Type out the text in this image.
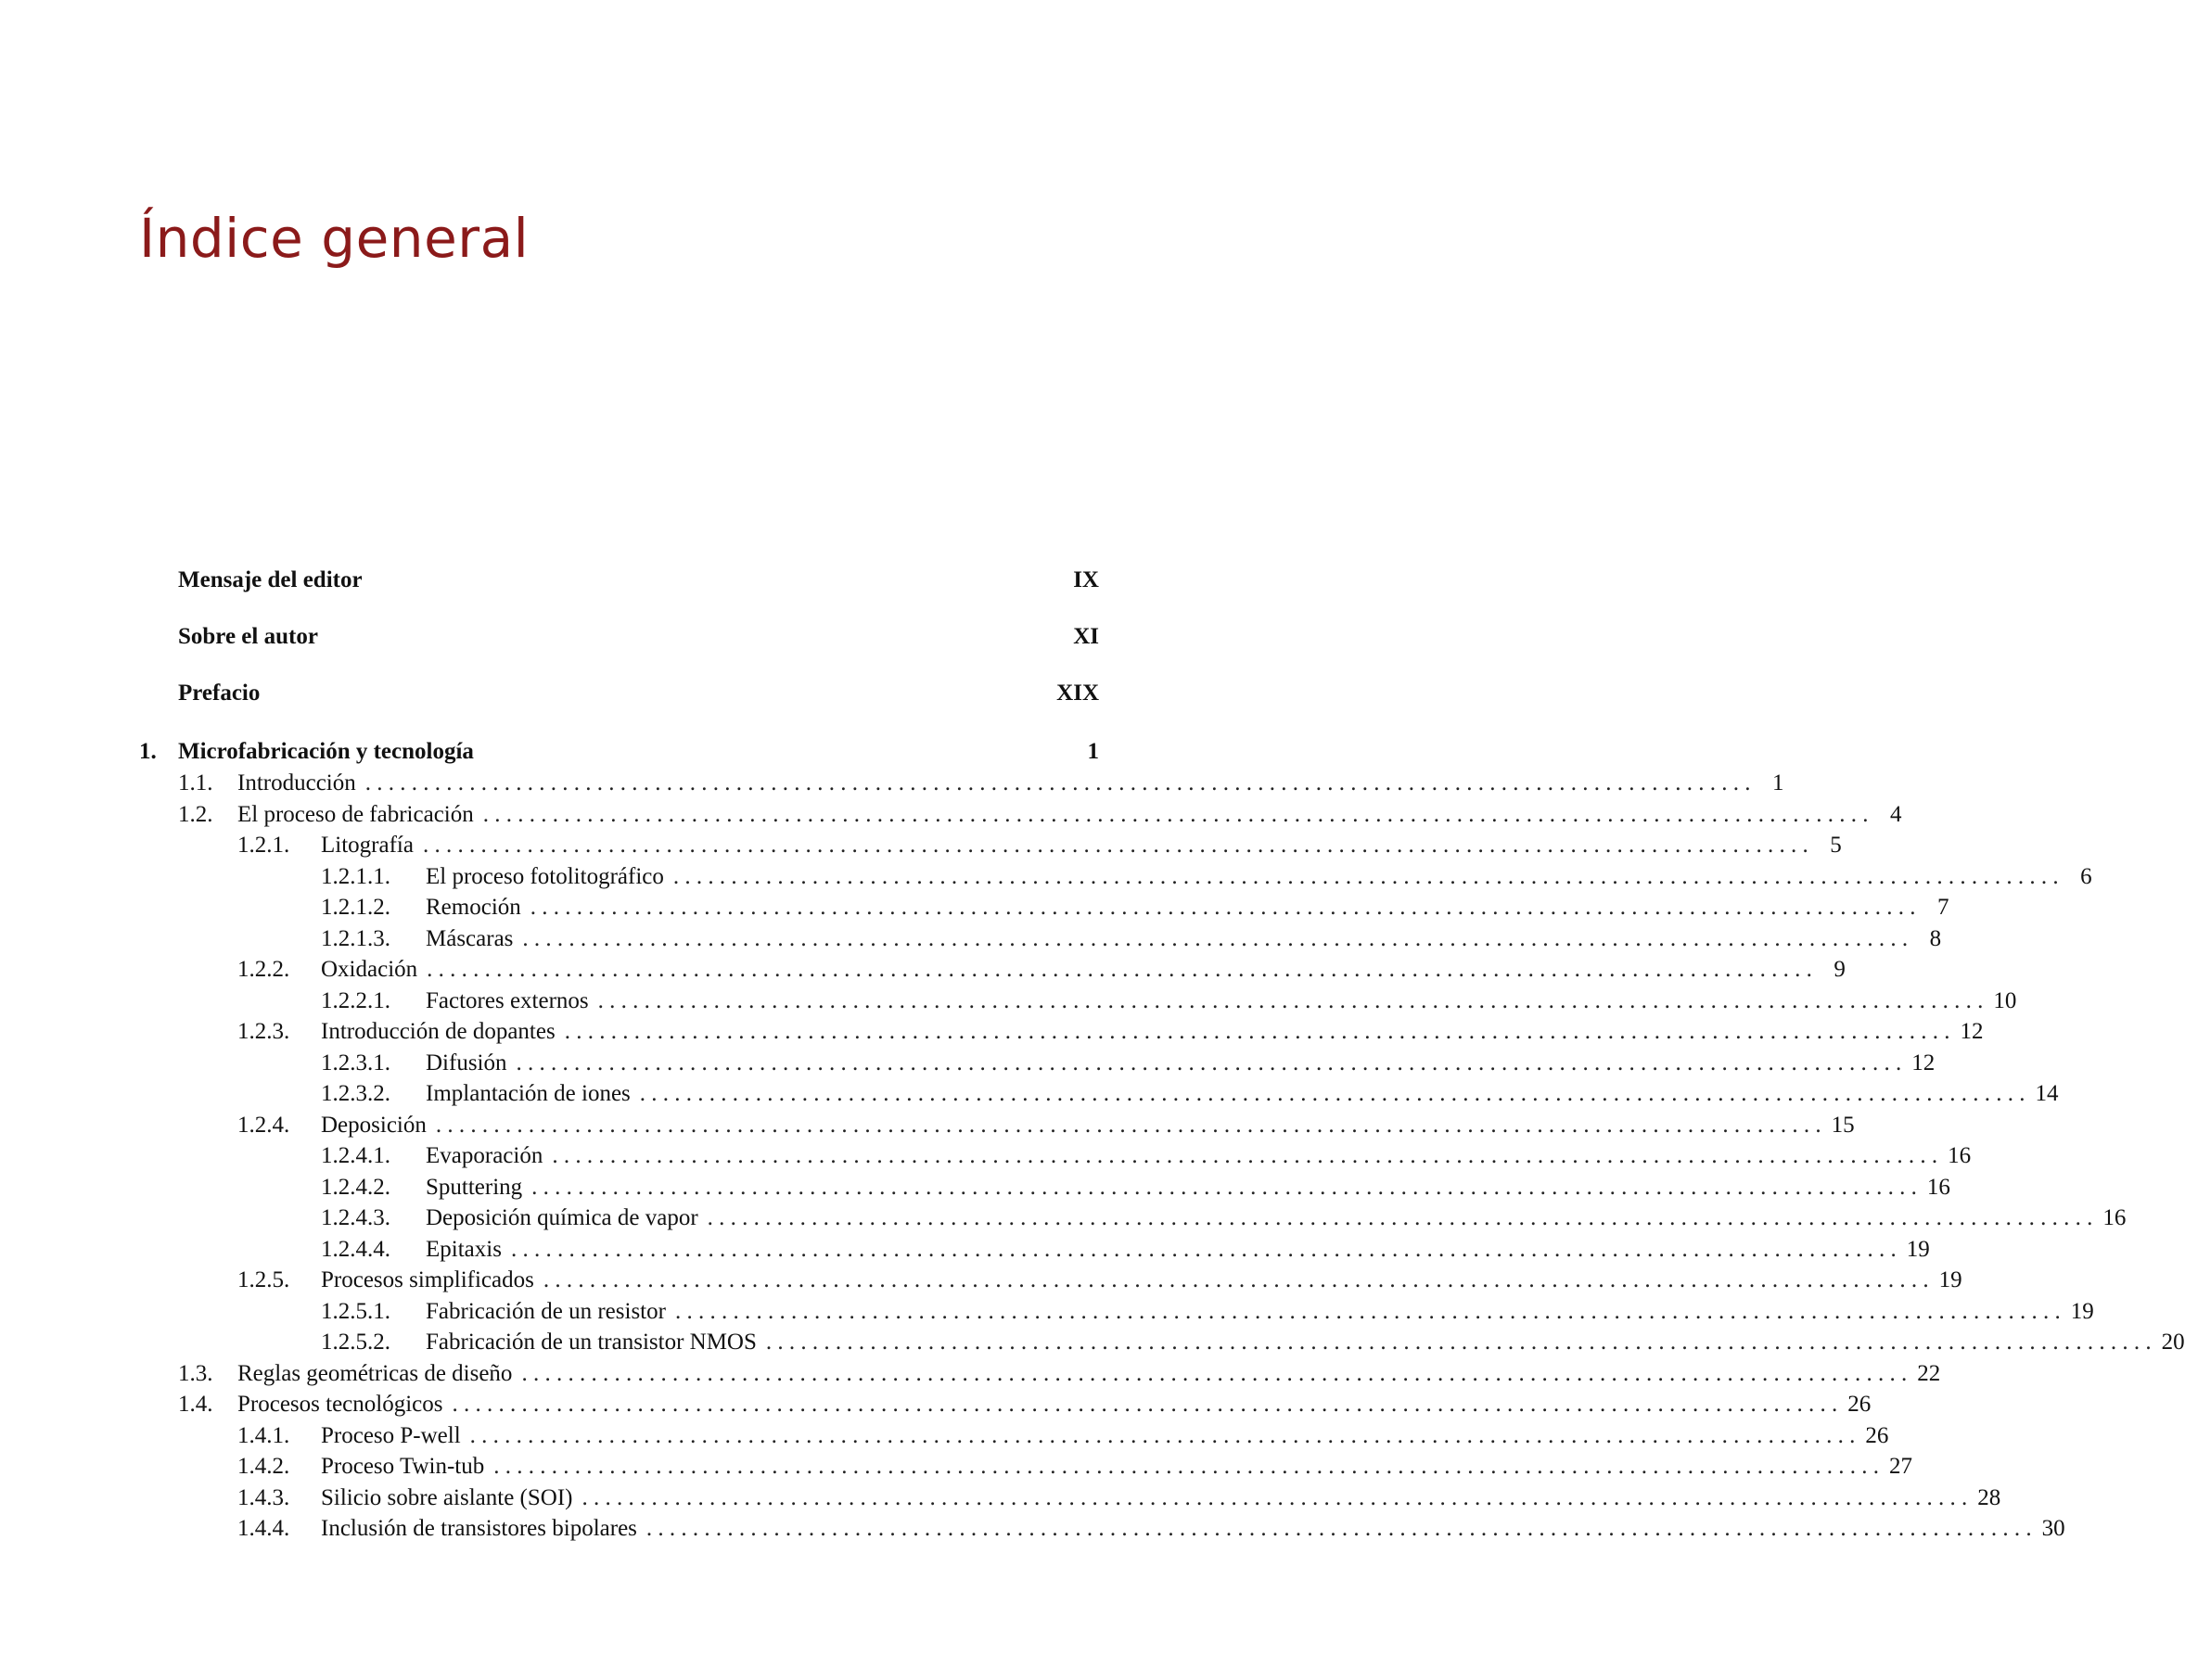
Índice general
Mensaje del editor	IX
Sobre el autor	XI
Prefacio	XIX
1. Microfabricación y tecnología	1
1.1.	Introducción . . . . . . . . . . . . . . . . . . . . . . . . . . . . . . . . . . . . . . . . . . . . . . . . . . . . . . . . . . . . . . . . . . . . . . . . . . . . . . . . . . . . . . . . . . . . . . . . . . . . . . . . . . . . . . . . . . . . . . . . 1
1.2.	El proceso de fabricación . . . . . . . . . . . . . . . . . . . . . . . . . . . . . . . . . . . . . . . . . . . . . . . . . . . . . . . . . . . . . . . . . . . . . . . . . . . . . . . . . . . . . . . . . . . . . . . . . . . . . . . . . . . . . . . . . . . . . . . . 4
1.2.1.	Litografía . . . . . . . . . . . . . . . . . . . . . . . . . . . . . . . . . . . . . . . . . . . . . . . . . . . . . . . . . . . . . . . . . . . . . . . . . . . . . . . . . . . . . . . . . . . . . . . . . . . . . . . . . . . . . . . . . . . . . . . . 5
1.2.1.1.	El proceso fotolitográfico . . . . . . . . . . . . . . . . . . . . . . . . . . . . . . . . . . . . . . . . . . . . . . . . . . . . . . . . . . . . . . . . . . . . . . . . . . . . . . . . . . . . . . . . . . . . . . . . . . . . . . . . . . . . . . . . . . . . . . . . 6
1.2.1.2.	Remoción . . . . . . . . . . . . . . . . . . . . . . . . . . . . . . . . . . . . . . . . . . . . . . . . . . . . . . . . . . . . . . . . . . . . . . . . . . . . . . . . . . . . . . . . . . . . . . . . . . . . . . . . . . . . . . . . . . . . . . . . 7
1.2.1.3.	Máscaras . . . . . . . . . . . . . . . . . . . . . . . . . . . . . . . . . . . . . . . . . . . . . . . . . . . . . . . . . . . . . . . . . . . . . . . . . . . . . . . . . . . . . . . . . . . . . . . . . . . . . . . . . . . . . . . . . . . . . . . . 8
1.2.2.	Oxidación . . . . . . . . . . . . . . . . . . . . . . . . . . . . . . . . . . . . . . . . . . . . . . . . . . . . . . . . . . . . . . . . . . . . . . . . . . . . . . . . . . . . . . . . . . . . . . . . . . . . . . . . . . . . . . . . . . . . . . . . 9
1.2.2.1.	Factores externos . . . . . . . . . . . . . . . . . . . . . . . . . . . . . . . . . . . . . . . . . . . . . . . . . . . . . . . . . . . . . . . . . . . . . . . . . . . . . . . . . . . . . . . . . . . . . . . . . . . . . . . . . . . . . . . . . . . . . . . . 10
1.2.3.	Introducción de dopantes . . . . . . . . . . . . . . . . . . . . . . . . . . . . . . . . . . . . . . . . . . . . . . . . . . . . . . . . . . . . . . . . . . . . . . . . . . . . . . . . . . . . . . . . . . . . . . . . . . . . . . . . . . . . . . . . . . . . . . . . 12
1.2.3.1.	Difusión . . . . . . . . . . . . . . . . . . . . . . . . . . . . . . . . . . . . . . . . . . . . . . . . . . . . . . . . . . . . . . . . . . . . . . . . . . . . . . . . . . . . . . . . . . . . . . . . . . . . . . . . . . . . . . . . . . . . . . . . 12
1.2.3.2.	Implantación de iones . . . . . . . . . . . . . . . . . . . . . . . . . . . . . . . . . . . . . . . . . . . . . . . . . . . . . . . . . . . . . . . . . . . . . . . . . . . . . . . . . . . . . . . . . . . . . . . . . . . . . . . . . . . . . . . . . . . . . . . . 14
1.2.4.	Deposición . . . . . . . . . . . . . . . . . . . . . . . . . . . . . . . . . . . . . . . . . . . . . . . . . . . . . . . . . . . . . . . . . . . . . . . . . . . . . . . . . . . . . . . . . . . . . . . . . . . . . . . . . . . . . . . . . . . . . . . . 15
1.2.4.1.	Evaporación . . . . . . . . . . . . . . . . . . . . . . . . . . . . . . . . . . . . . . . . . . . . . . . . . . . . . . . . . . . . . . . . . . . . . . . . . . . . . . . . . . . . . . . . . . . . . . . . . . . . . . . . . . . . . . . . . . . . . . . . 16
1.2.4.2.	Sputtering . . . . . . . . . . . . . . . . . . . . . . . . . . . . . . . . . . . . . . . . . . . . . . . . . . . . . . . . . . . . . . . . . . . . . . . . . . . . . . . . . . . . . . . . . . . . . . . . . . . . . . . . . . . . . . . . . . . . . . . . 16
1.2.4.3.	Deposición química de vapor . . . . . . . . . . . . . . . . . . . . . . . . . . . . . . . . . . . . . . . . . . . . . . . . . . . . . . . . . . . . . . . . . . . . . . . . . . . . . . . . . . . . . . . . . . . . . . . . . . . . . . . . . . . . . . . . . . . . . . . . 16
1.2.4.4.	Epitaxis . . . . . . . . . . . . . . . . . . . . . . . . . . . . . . . . . . . . . . . . . . . . . . . . . . . . . . . . . . . . . . . . . . . . . . . . . . . . . . . . . . . . . . . . . . . . . . . . . . . . . . . . . . . . . . . . . . . . . . . . 19
1.2.5.	Procesos simplificados . . . . . . . . . . . . . . . . . . . . . . . . . . . . . . . . . . . . . . . . . . . . . . . . . . . . . . . . . . . . . . . . . . . . . . . . . . . . . . . . . . . . . . . . . . . . . . . . . . . . . . . . . . . . . . . . . . . . . . . . 19
1.2.5.1.	Fabricación de un resistor . . . . . . . . . . . . . . . . . . . . . . . . . . . . . . . . . . . . . . . . . . . . . . . . . . . . . . . . . . . . . . . . . . . . . . . . . . . . . . . . . . . . . . . . . . . . . . . . . . . . . . . . . . . . . . . . . . . . . . . . 19
1.2.5.2.	Fabricación de un transistor NMOS . . . . . . . . . . . . . . . . . . . . . . . . . . . . . . . . . . . . . . . . . . . . . . . . . . . . . . . . . . . . . . . . . . . . . . . . . . . . . . . . . . . . . . . . . . . . . . . . . . . . . . . . . . . . . . . . . . . . . . . . 20
1.3.	Reglas geométricas de diseño . . . . . . . . . . . . . . . . . . . . . . . . . . . . . . . . . . . . . . . . . . . . . . . . . . . . . . . . . . . . . . . . . . . . . . . . . . . . . . . . . . . . . . . . . . . . . . . . . . . . . . . . . . . . . . . . . . . . . . . . 22
1.4.	Procesos tecnológicos . . . . . . . . . . . . . . . . . . . . . . . . . . . . . . . . . . . . . . . . . . . . . . . . . . . . . . . . . . . . . . . . . . . . . . . . . . . . . . . . . . . . . . . . . . . . . . . . . . . . . . . . . . . . . . . . . . . . . . . . 26
1.4.1.	Proceso P-well . . . . . . . . . . . . . . . . . . . . . . . . . . . . . . . . . . . . . . . . . . . . . . . . . . . . . . . . . . . . . . . . . . . . . . . . . . . . . . . . . . . . . . . . . . . . . . . . . . . . . . . . . . . . . . . . . . . . . . . . 26
1.4.2.	Proceso Twin-tub . . . . . . . . . . . . . . . . . . . . . . . . . . . . . . . . . . . . . . . . . . . . . . . . . . . . . . . . . . . . . . . . . . . . . . . . . . . . . . . . . . . . . . . . . . . . . . . . . . . . . . . . . . . . . . . . . . . . . . . . 27
1.4.3.	Silicio sobre aislante (SOI) . . . . . . . . . . . . . . . . . . . . . . . . . . . . . . . . . . . . . . . . . . . . . . . . . . . . . . . . . . . . . . . . . . . . . . . . . . . . . . . . . . . . . . . . . . . . . . . . . . . . . . . . . . . . . . . . . . . . . . . . 28
1.4.4.	Inclusión de transistores bipolares . . . . . . . . . . . . . . . . . . . . . . . . . . . . . . . . . . . . . . . . . . . . . . . . . . . . . . . . . . . . . . . . . . . . . . . . . . . . . . . . . . . . . . . . . . . . . . . . . . . . . . . . . . . . . . . . . . . . . . . . 30
